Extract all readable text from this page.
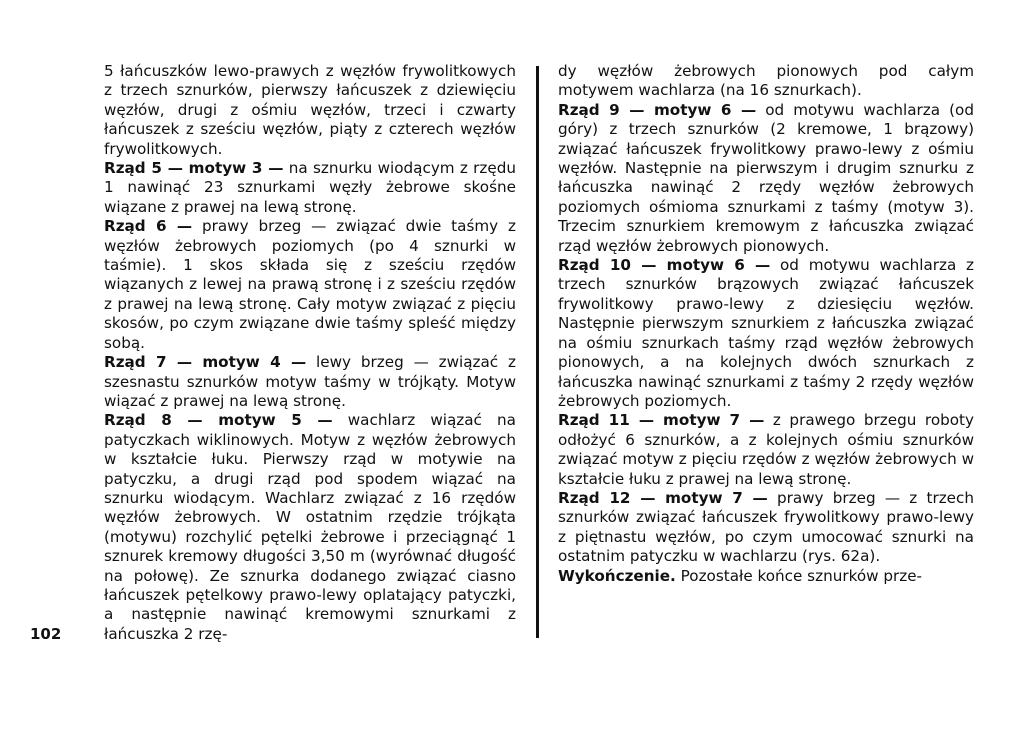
5 łańcuszków lewo-prawych z węzłów frywolitkowych z trzech sznurków, pierwszy łańcuszek z dziewięciu węzłów, drugi z ośmiu węzłów, trzeci i czwarty łańcuszek z sześciu węzłów, piąty z czterech węzłów frywolitkowych.
Rząd 5 — motyw 3 — na sznurku wiodącym z rzędu 1 nawinąć 23 sznurkami węzły żebrowe skośne wiązane z prawej na lewą stronę.
Rząd 6 — prawy brzeg — związać dwie taśmy z węzłów żebrowych poziomych (po 4 sznurki w taśmie). 1 skos składa się z sześciu rzędów wiązanych z lewej na prawą stronę i z sześciu rzędów z prawej na lewą stronę. Cały motyw związać z pięciu skosów, po czym związane dwie taśmy spleść między sobą.
Rząd 7 — motyw 4 — lewy brzeg — związać z szesnastu sznurków motyw taśmy w trójkąty. Motyw wiązać z prawej na lewą stronę.
Rząd 8 — motyw 5 — wachlarz wiązać na patyczkach wiklinowych. Motyw z węzłów żebrowych w kształcie łuku. Pierwszy rząd w motywie na patyczku, a drugi rząd pod spodem wiązać na sznurku wiodącym. Wachlarz związać z 16 rzędów węzłów żebrowych. W ostatnim rzędzie trójkąta (motywu) rozchylić pętelki żebrowe i przeciągnąć 1 sznurek kremowy długości 3,50 m (wyrównać długość na połowę). Ze sznurka dodanego związać ciasno łańcuszek pętelkowy prawo-lewy oplatający patyczki, a następnie nawinąć kremowymi sznurkami z łańcuszka 2 rzę-

dy węzłów żebrowych pionowych pod całym motywem wachlarza (na 16 sznurkach).
Rząd 9 — motyw 6 — od motywu wachlarza (od góry) z trzech sznurków (2 kremowe, 1 brązowy) związać łańcuszek frywolitkowy prawo-lewy z ośmiu węzłów. Następnie na pierwszym i drugim sznurku z łańcuszka nawinąć 2 rzędy węzłów żebrowych poziomych ośmioma sznurkami z taśmy (motyw 3). Trzecim sznurkiem kremowym z łańcuszka związać rząd węzłów żebrowych pionowych.
Rząd 10 — motyw 6 — od motywu wachlarza z trzech sznurków brązowych związać łańcuszek frywolitkowy prawo-lewy z dziesięciu węzłów. Następnie pierwszym sznurkiem z łańcuszka związać na ośmiu sznurkach taśmy rząd węzłów żebrowych pionowych, a na kolejnych dwóch sznurkach z łańcuszka nawinąć sznurkami z taśmy 2 rzędy węzłów żebrowych poziomych.
Rząd 11 — motyw 7 — z prawego brzegu roboty odłożyć 6 sznurków, a z kolejnych ośmiu sznurków związać motyw z pięciu rzędów z węzłów żebrowych w kształcie łuku z prawej na lewą stronę.
Rząd 12 — motyw 7 — prawy brzeg — z trzech sznurków związać łańcuszek frywolitkowy prawo-lewy z piętnastu węzłów, po czym umocować sznurki na ostatnim patyczku w wachlarzu (rys. 62a).
Wykończenie. Pozostałe końce sznurków prze-

102
